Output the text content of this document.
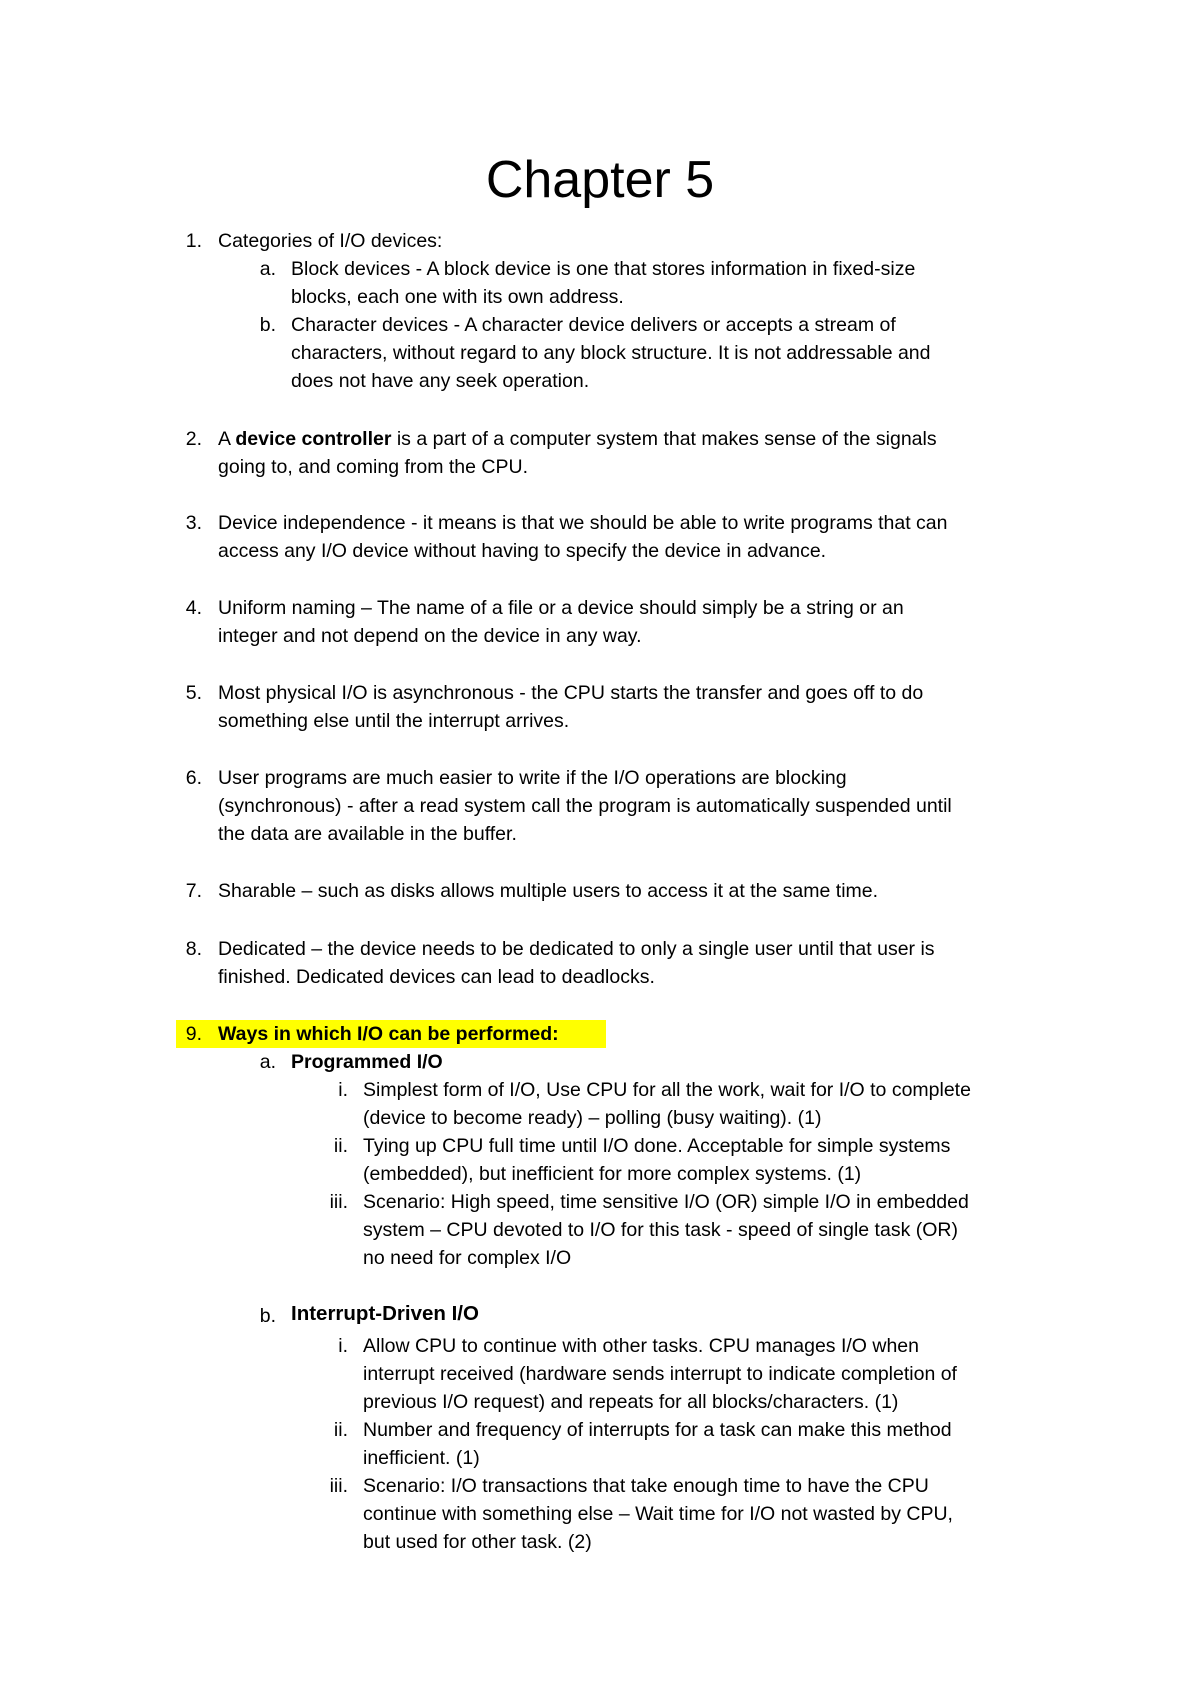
Chapter 5
1. Categories of I/O devices:
a. Block devices - A block device is one that stores information in fixed-size
blocks, each one with its own address.
b. Character devices - A character device delivers or accepts a stream of
characters, without regard to any block structure. It is not addressable and
does not have any seek operation.
2. A device controller is a part of a computer system that makes sense of the signals
going to, and coming from the CPU.
3. Device independence - it means is that we should be able to write programs that can
access any I/O device without having to specify the device in advance.
4. Uniform naming – The name of a file or a device should simply be a string or an
integer and not depend on the device in any way.
5. Most physical I/O is asynchronous - the CPU starts the transfer and goes off to do
something else until the interrupt arrives.
6. User programs are much easier to write if the I/O operations are blocking
(synchronous) - after a read system call the program is automatically suspended until
the data are available in the buffer.
7. Sharable – such as disks allows multiple users to access it at the same time.
8. Dedicated – the device needs to be dedicated to only a single user until that user is
finished. Dedicated devices can lead to deadlocks.
9. Ways in which I/O can be performed:
a. Programmed I/O
i. Simplest form of I/O, Use CPU for all the work, wait for I/O to complete
(device to become ready) – polling (busy waiting). (1)
ii. Tying up CPU full time until I/O done. Acceptable for simple systems
(embedded), but inefficient for more complex systems. (1)
iii. Scenario: High speed, time sensitive I/O (OR) simple I/O in embedded
system – CPU devoted to I/O for this task - speed of single task (OR)
no need for complex I/O
b. Interrupt-Driven I/O
i. Allow CPU to continue with other tasks. CPU manages I/O when
interrupt received (hardware sends interrupt to indicate completion of
previous I/O request) and repeats for all blocks/characters. (1)
ii. Number and frequency of interrupts for a task can make this method
inefficient. (1)
iii. Scenario: I/O transactions that take enough time to have the CPU
continue with something else – Wait time for I/O not wasted by CPU,
but used for other task. (2)
